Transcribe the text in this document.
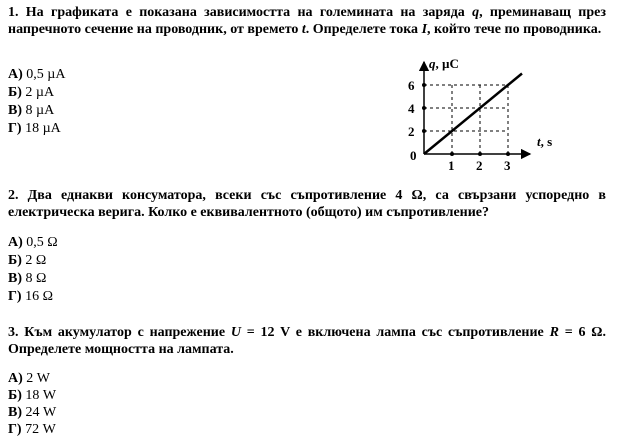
1. На графиката е показана зависимостта на големината на заряда q, преминаващ през напречното сечение на проводник, от времето t. Определете тока I, който тече по проводника.
А) 0,5 µA
Б) 2 µA
В) 8 µA
Г) 18 µA
1 2 3
2
4
6
0
q, µC
t, s
2. Два еднакви консуматора, всеки със съпротивление 4 Ω, са свързани успоредно в електрическа верига. Колко е еквивалентното (общото) им съпротивление?
А) 0,5 Ω
Б) 2 Ω
В) 8 Ω
Г) 16 Ω
3. Към акумулатор с напрежение U = 12 V е включена лампа със съпротивление R = 6 Ω. Определете мощността на лампата.
А) 2 W
Б) 18 W
В) 24 W
Г) 72 W
